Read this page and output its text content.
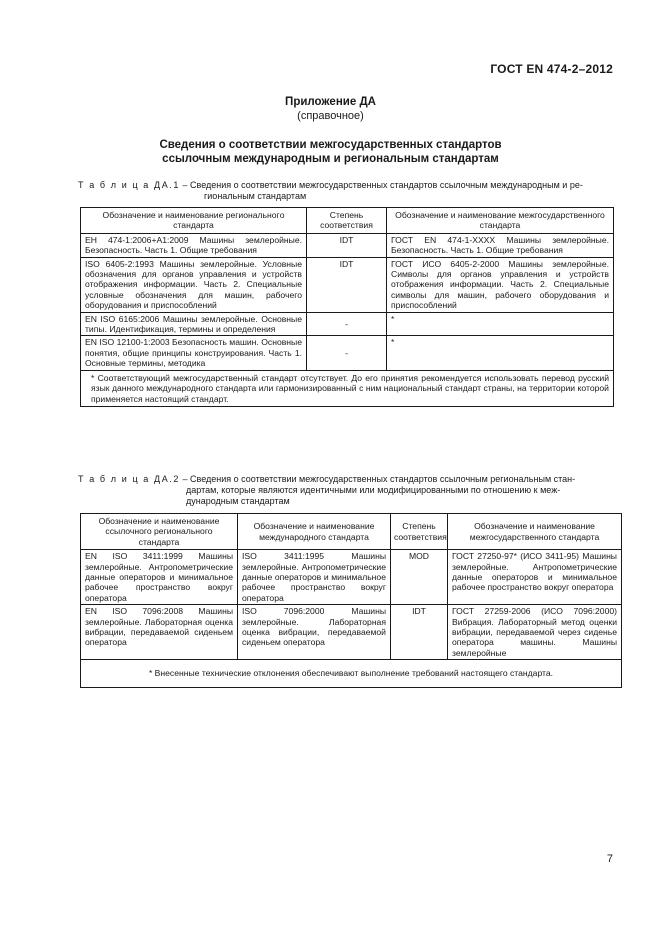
ГОСТ EN 474-2–2012
Приложение ДА
(справочное)
Сведения о соответствии межгосударственных стандартов
ссылочным международным и региональным стандартам
Т а б л и ц а ДА.1 – Сведения о соответствии межгосударственных стандартов ссылочным международным и ре-
гиональным стандартам
Обозначение и наименование региональногo стандарта	Степень соответствия	Обозначение и наименование межгосударственного стандарта
EH 474-1:2006+A1:2009 Машины землеройные. Безопасность. Часть 1. Общие требования	IDT	ГОСТ EN 474-1-XXXX Машины землеройные. Безопасность. Часть 1. Общие требования
ISO 6405-2:1993 Машины землеройные. Условные обозначения для органов управления и устройств отображения информации. Часть 2. Специальные условные обозначения для машин, рабочего оборудования и приспособлений	IDT	ГОСТ ИСО 6405-2-2000 Машины землеройные. Символы для органов управления и устройств отображения информации. Часть 2. Специальные символы для машин, рабочего оборудования и приспособлений
EN ISO 6165:2006 Машины землеройные. Основные типы. Идентификация, термины и определения	-	*
EN ISO 12100-1:2003 Безопасность машин. Основные понятия, общие принципы конструирования. Часть 1. Основные термины, методика	-	*
* Соответствующий межгосударственный стандарт отсутствует. До его принятия рекомендуется использовать перевод русский язык данного международного стандарта или гармонизированный с ним национальный стандарт страны, на территории которой применяется настоящий стандарт.		
Т а б л и ц а ДА.2 – Сведения о соответствии межгосударственных стандартов ссылочным региональным стан-
дартам, которые являются идентичными или модифицированными по отношению к меж-
дународным стандартам
Обозначение и наименование ссылочного регионального стандарта	Обозначение и наименование международного стандарта	Степень соответствия	Обозначение и наименование межгосударственного стандарта
EN ISO 3411:1999 Машины землеройные. Антропометрические данные операторов и минимальное рабочее пространство вокруг оператора	ISO 3411:1995 Машины землеройные. Антропометрические данные операторов и минимальное рабочее пространство вокруг оператора	MOD	ГОСТ 27250-97* (ИСО 3411-95) Машины землеройные. Антропометрические данные операторов и минимальное рабочее пространство вокруг оператора
EN ISO 7096:2008 Машины землеройные. Лабораторная оценка вибрации, передаваемой сиденьем оператора	ISO 7096:2000 Машины землеройные. Лабораторная оценка вибрации, передаваемой сиденьем оператора	IDT	ГОСТ 27259-2006 (ИСО 7096:2000) Вибрация. Лабораторный метод оценки вибрации, передаваемой через сиденье оператора машины. Машины землеройные
* Внесенные технические отклонения обеспечивают выполнение требований настоящего стандарта.			
7
